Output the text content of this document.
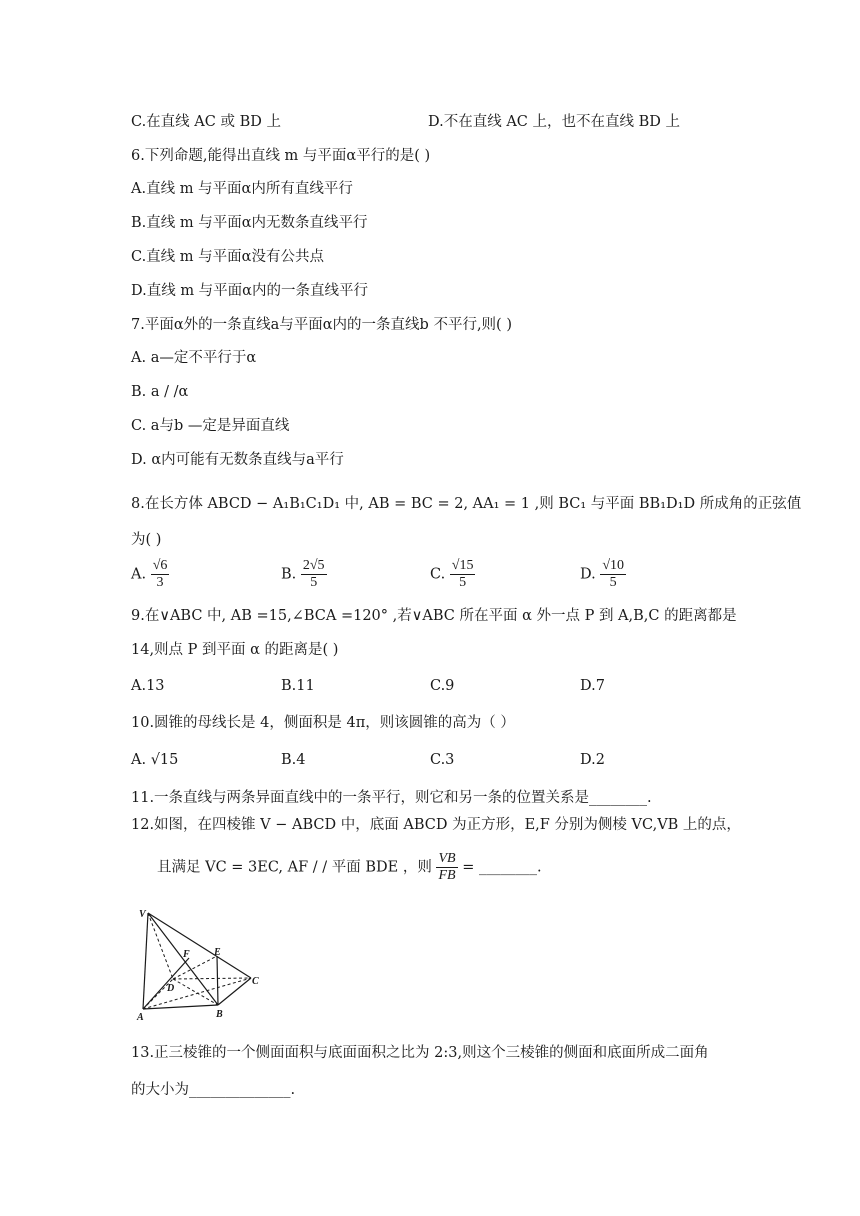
C.在直线 AC 或 BD 上	D.不在直线 AC 上，也不在直线 BD 上
6.下列命题,能得出直线 m 与平面α平行的是( )
A.直线 m 与平面α内所有直线平行
B.直线 m 与平面α内无数条直线平行
C.直线 m 与平面α没有公共点
D.直线 m 与平面α内的一条直线平行
7.平面α外的一条直线a与平面α内的一条直线b 不平行,则( )
A. a—定不平行于α
B. a / /α
C. a与b —定是异面直线
D. α内可能有无数条直线与a平行
8.在长方体 ABCD − A₁B₁C₁D₁ 中, AB = BC = 2, AA₁ = 1 ,则 BC₁ 与平面 BB₁D₁D 所成角的正弦值
为( )
A. $\frac{√6}{3}$	B. $\frac{2√5}{5}$	C. $\frac{√15}{5}$	D. $\frac{√10}{5}$
9.在∨ABC 中, AB =15,∠BCA =120° ,若∨ABC 所在平面 α 外一点 P 到 A,B,C 的距离都是
14,则点 P 到平面 α 的距离是( )
A.13	B.11	C.9	D.7
10.圆锥的母线长是 4，侧面积是 4π，则该圆锥的高为（ ）
A. √15	B.4	C.3	D.2
11.一条直线与两条异面直线中的一条平行，则它和另一条的位置关系是________.
12.如图，在四棱锥 V − ABCD 中，底面 ABCD 为正方形，E,F 分别为侧棱 VC,VB 上的点，
且满足 VC = 3EC, AF / / 平面 BDE ，则 $\frac{VB}{FB}$ = ________.
V
E
F
D
C
A	B
13.正三棱锥的一个侧面面积与底面面积之比为 2:3,则这个三棱锥的侧面和底面所成二面角
的大小为______________.
